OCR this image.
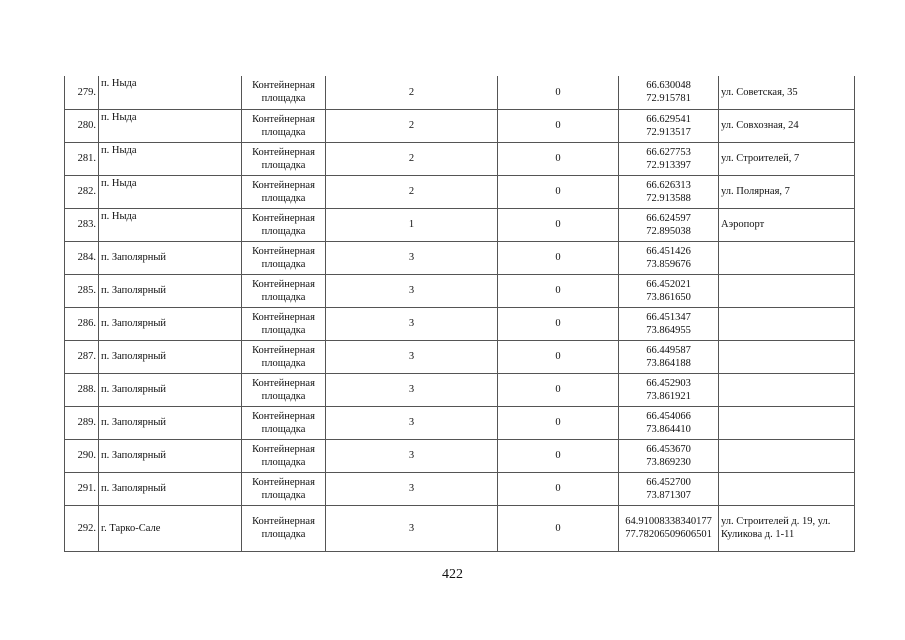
279.	п. Ныда	Контейнерная
площадка	2	0	66.630048
72.915781	ул. Советская, 35
280.	п. Ныда	Контейнерная
площадка	2	0	66.629541
72.913517	ул. Совхозная, 24
281.	п. Ныда	Контейнерная
площадка	2	0	66.627753
72.913397	ул. Строителей, 7
282.	п. Ныда	Контейнерная
площадка	2	0	66.626313
72.913588	ул. Полярная, 7
283.	п. Ныда	Контейнерная
площадка	1	0	66.624597
72.895038	Аэропорт
284.	п. Заполярный	Контейнерная
площадка	3	0	66.451426
73.859676	

285.	п. Заполярный	Контейнерная
площадка	3	0	66.452021
73.861650	

286.	п. Заполярный	Контейнерная
площадка	3	0	66.451347
73.864955	

287.	п. Заполярный	Контейнерная
площадка	3	0	66.449587
73.864188	

288.	п. Заполярный	Контейнерная
площадка	3	0	66.452903
73.861921	

289.	п. Заполярный	Контейнерная
площадка	3	0	66.454066
73.864410	

290.	п. Заполярный	Контейнерная
площадка	3	0	66.453670
73.869230	

291.	п. Заполярный	Контейнерная
площадка	3	0	66.452700
73.871307	

292.	г. Тарко-Сале	Контейнерная
площадка	3	0	64.91008338340177
77.78206509606501	ул. Строителей д. 19, ул.
Куликова д. 1-11
422
